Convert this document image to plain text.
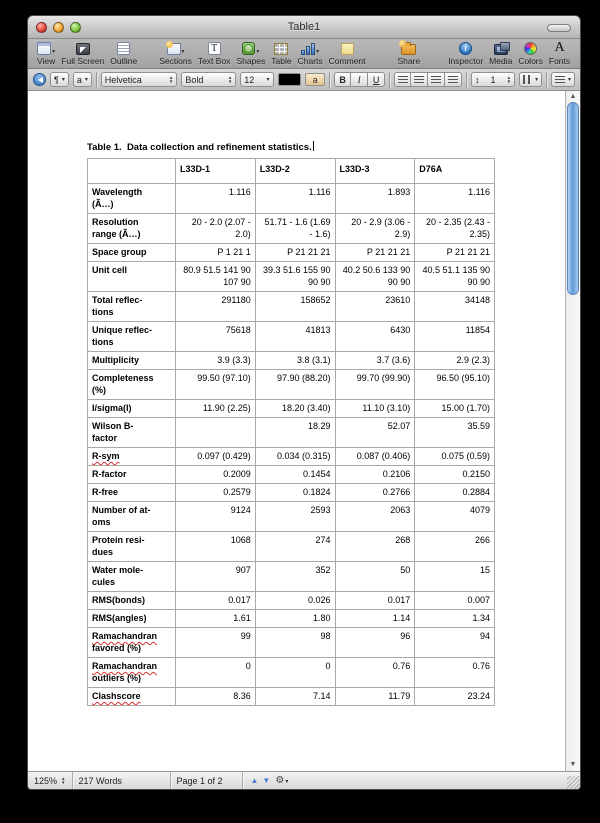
Table1
▾
View Full Screen Outline
▾
Sections
T
Text Box
▾
Shapes Table
▾
Charts Comment	Share
i
Inspector Media Colors
A
Fonts
¶ ▾ a ▾ Helvetica	▲
▼ Bold	▲
▼ 12 ▾	a	B	I	U	↕ 1 ▲
▼	▾	▾
Table 1.  Data collection and refinement statistics.
	L33D-1	L33D-2	L33D-3	D76A
Wavelength
(Ã…)	1.116	1.116	1.893	1.116
Resolution
range (Ã…)	20 - 2.0 (2.07 -
2.0)	51.71 - 1.6 (1.69
- 1.6)	20 - 2.9 (3.06 -
2.9)	20 - 2.35 (2.43 -
2.35)
Space group	P 1 21 1	P 21 21 21	P 21 21 21	P 21 21 21
Unit cell	80.9 51.5 141 90
107 90	39.3 51.6 155 90
90 90	40.2 50.6 133 90
90 90	40.5 51.1 135 90
90 90
Total reflec-
tions	291180	158652	23610	34148
Unique reflec-
tions	75618	41813	6430	11854
Multiplicity	3.9 (3.3)	3.8 (3.1)	3.7 (3.6)	2.9 (2.3)
Completeness
(%)	99.50 (97.10)	97.90 (88.20)	99.70 (99.90)	96.50 (95.10)
I/sigma(I)	11.90 (2.25)	18.20 (3.40)	11.10 (3.10)	15.00 (1.70)
Wilson B-
factor		18.29	52.07	35.59
R-sym	0.097 (0.429)	0.034 (0.315)	0.087 (0.406)	0.075 (0.59)
R-factor	0.2009	0.1454	0.2106	0.2150
R-free	0.2579	0.1824	0.2766	0.2884
Number of at-
oms	9124	2593	2063	4079
Protein resi-
dues	1068	274	268	266
Water mole-
cules	907	352	50	15
RMS(bonds)	0.017	0.026	0.017	0.007
RMS(angles)	1.61	1.80	1.14	1.34
Ramachandran
favored (%)	99	98	96	94
Ramachandran
outliers (%)	0	0	0.76	0.76
Clashscore	8.36	7.14	11.79	23.24
▲
▼
125% ▲
▼ 217 Words	Page 1 of 2	▲ ▼ ⚙▾
